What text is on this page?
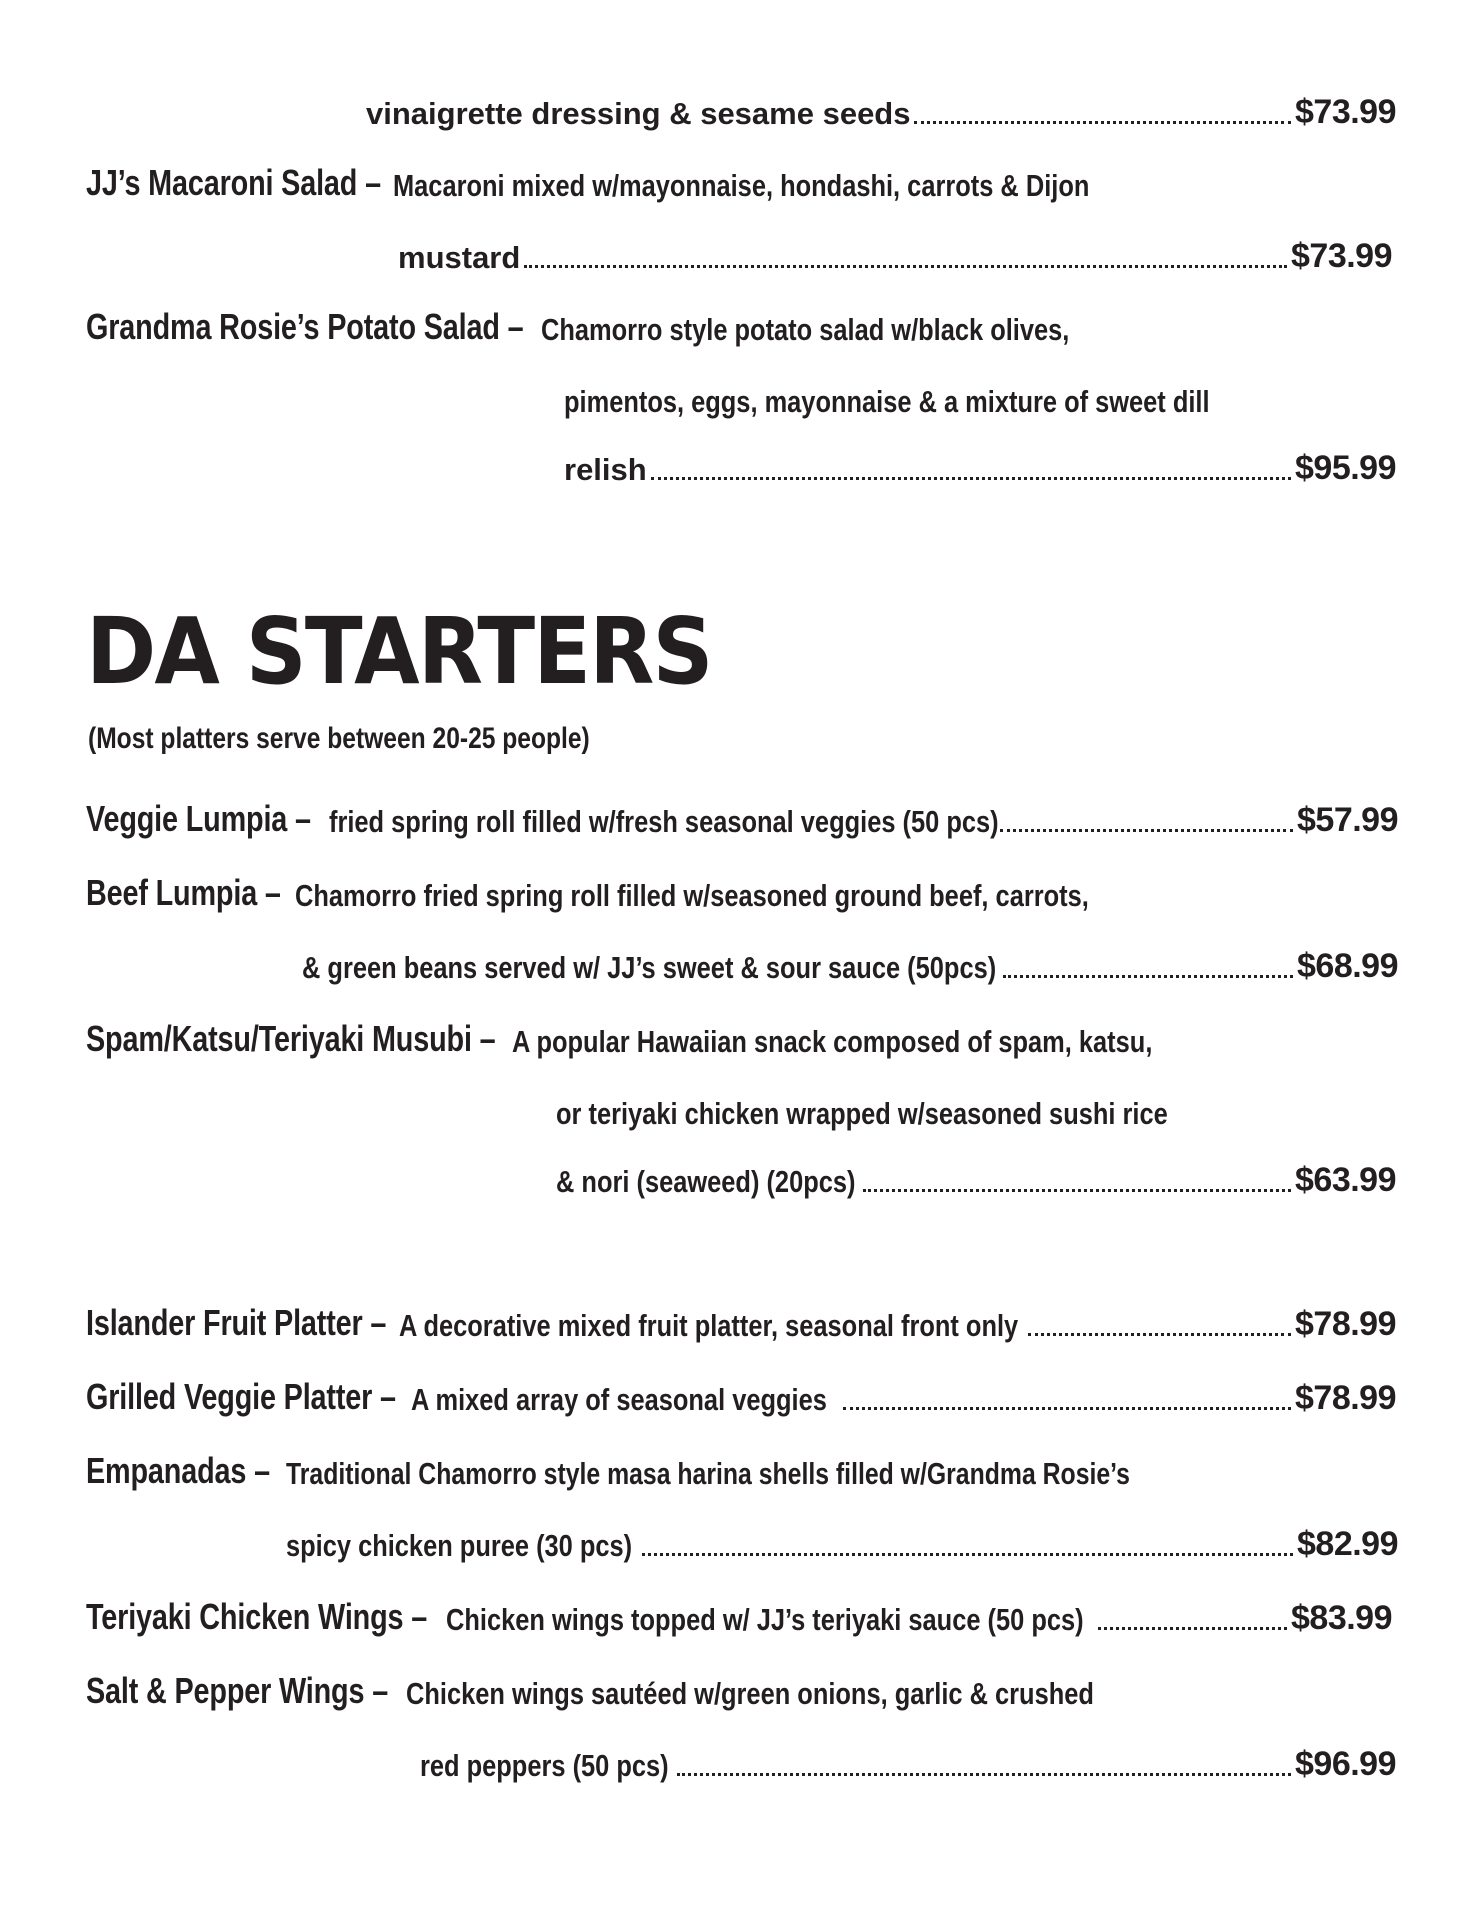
vinaigrette dressing & sesame seeds	$73.99
JJ’s Macaroni Salad – Macaroni mixed w/mayonnaise, hondashi, carrots & Dijon
mustard	$73.99
Grandma Rosie’s Potato Salad – Chamorro style potato salad w/black olives,
pimentos, eggs, mayonnaise & a mixture of sweet dill
relish	$95.99
DA STARTERS
(Most platters serve between 20-25 people)
Veggie Lumpia – fried spring roll filled w/fresh seasonal veggies (50 pcs)	$57.99
Beef Lumpia – Chamorro fried spring roll filled w/seasoned ground beef, carrots,
& green beans served w/ JJ’s sweet & sour sauce (50pcs)	$68.99
Spam/Katsu/Teriyaki Musubi – A popular Hawaiian snack composed of spam, katsu,
or teriyaki chicken wrapped w/seasoned sushi rice
& nori (seaweed) (20pcs)	$63.99
Islander Fruit Platter – A decorative mixed fruit platter, seasonal front only	$78.99
Grilled Veggie Platter – A mixed array of seasonal veggies	$78.99
Empanadas – Traditional Chamorro style masa harina shells filled w/Grandma Rosie’s
spicy chicken puree (30 pcs)	$82.99
Teriyaki Chicken Wings – Chicken wings topped w/ JJ’s teriyaki sauce (50 pcs)	$83.99
Salt & Pepper Wings – Chicken wings sautéed w/green onions, garlic & crushed
red peppers (50 pcs)	$96.99
